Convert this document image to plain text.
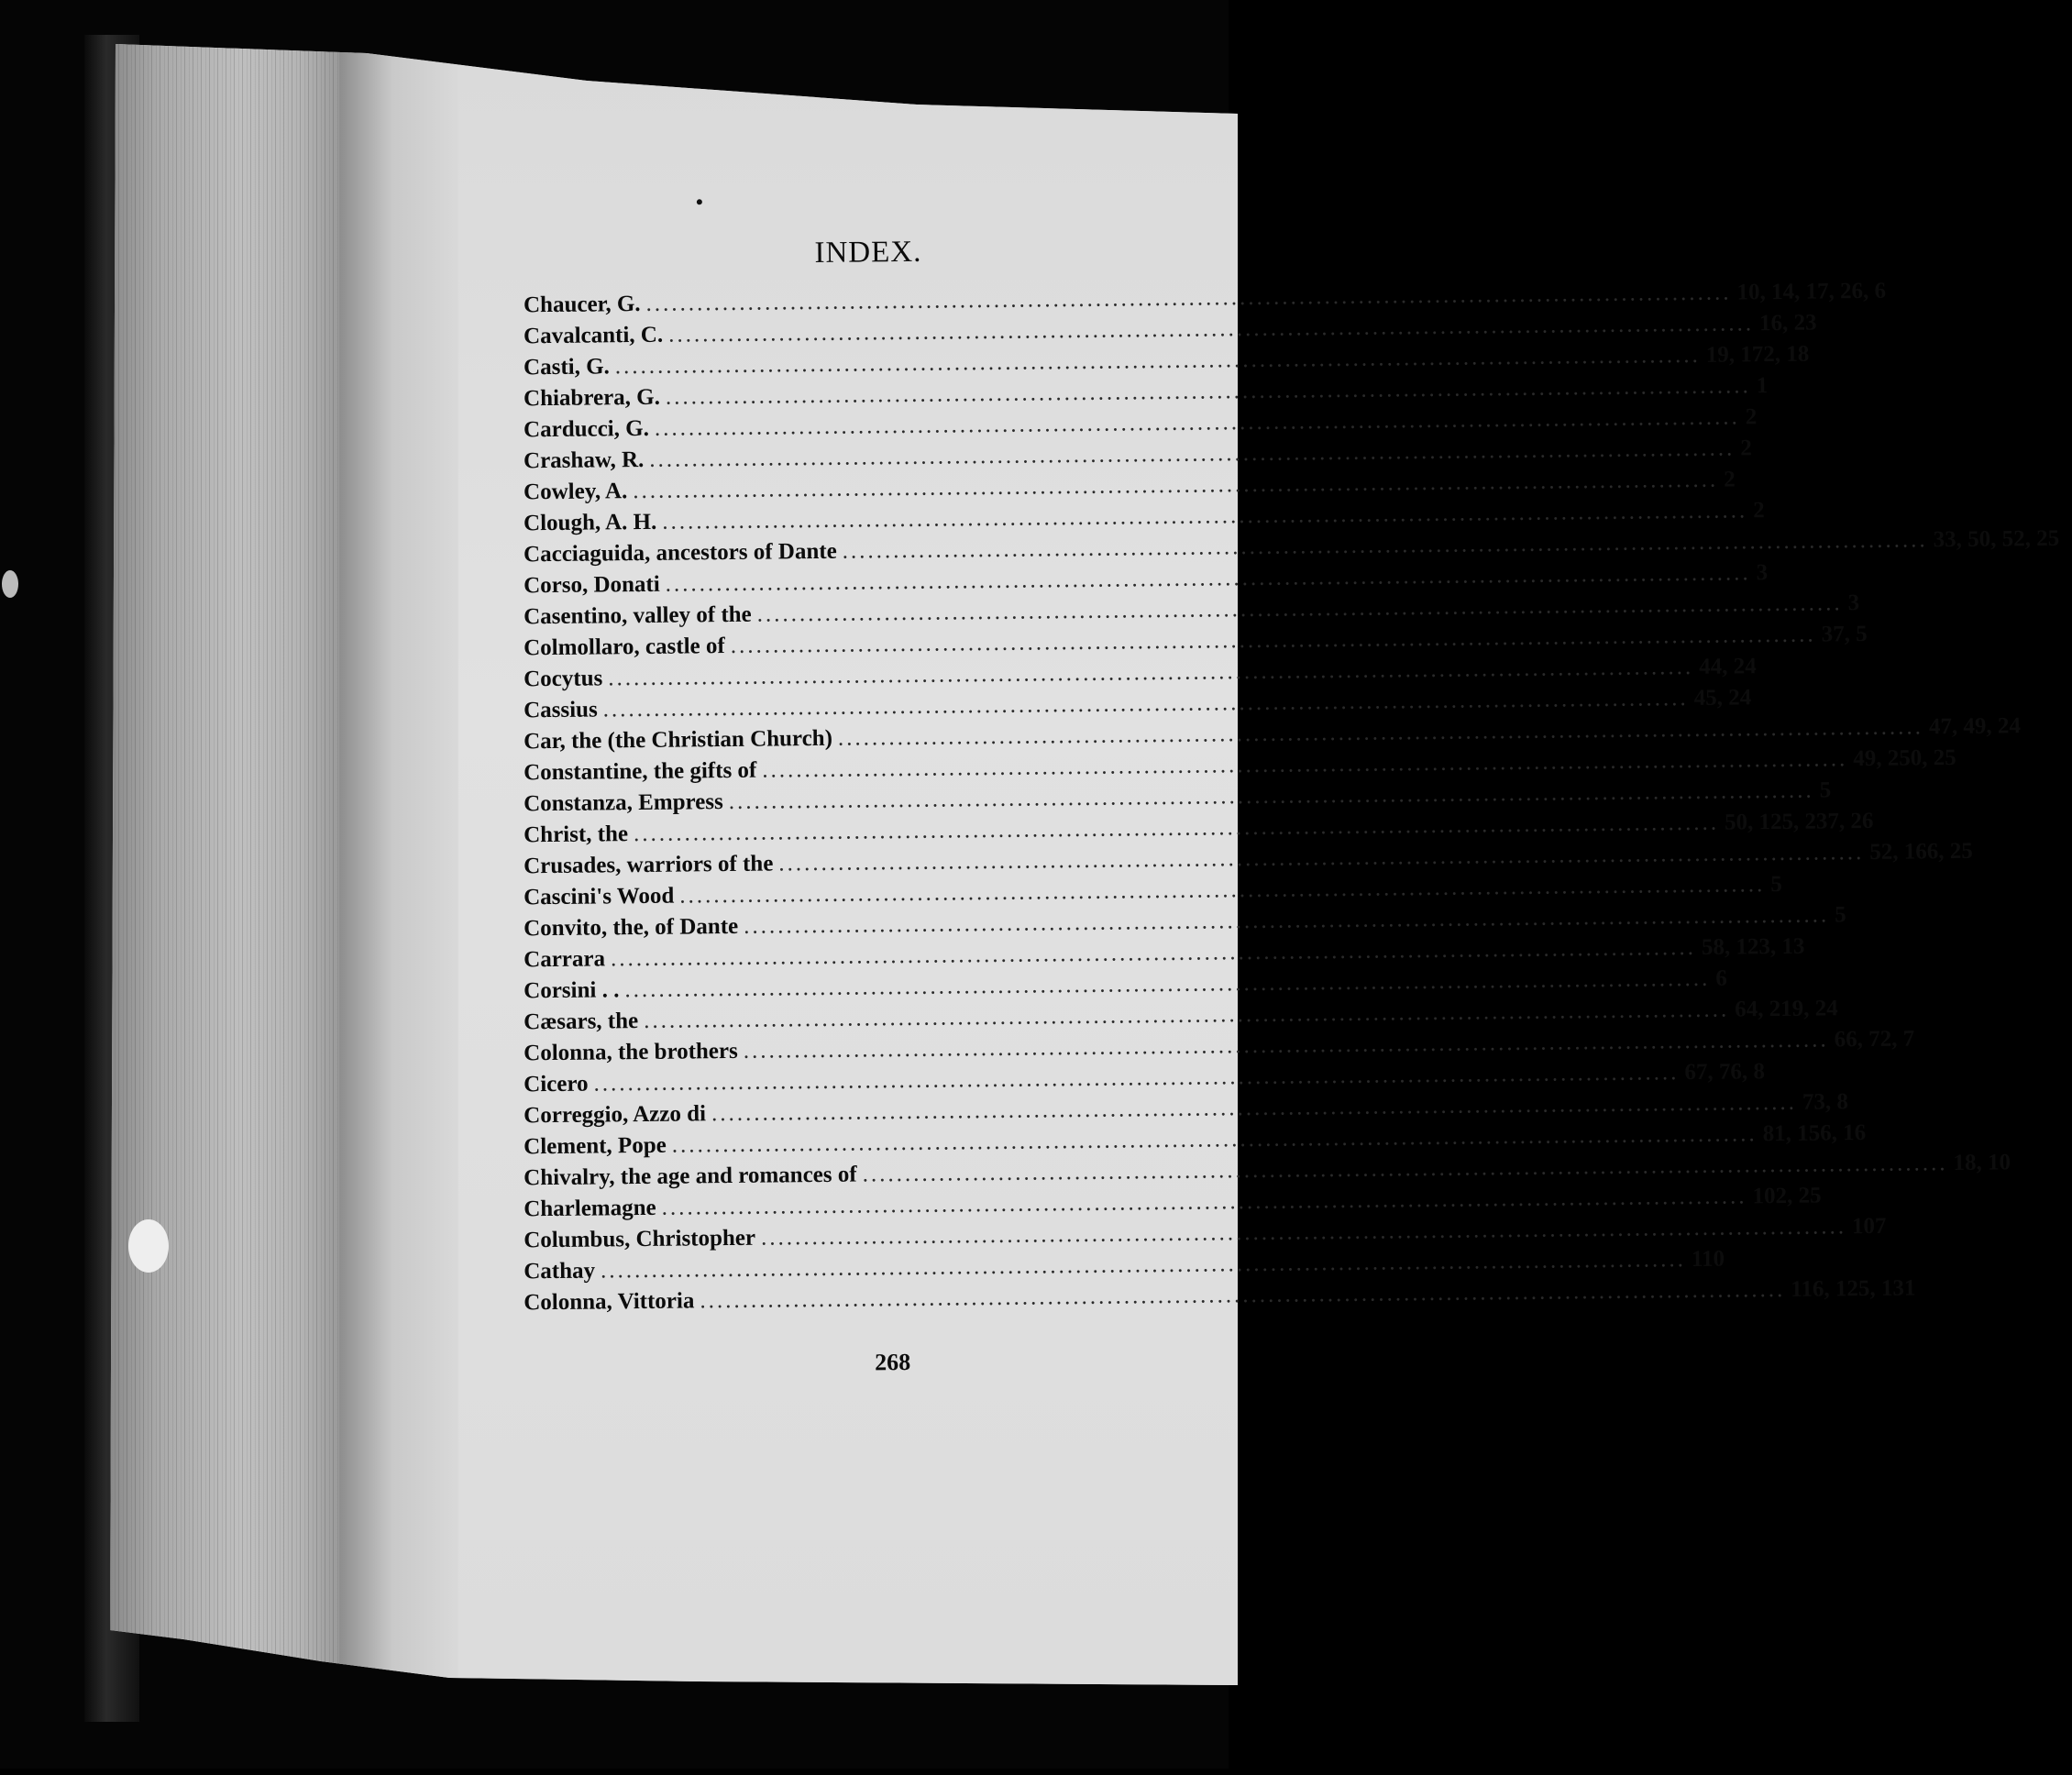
INDEX.
Chaucer, G. .....	10, 14, 17, 26, 6
Cavalcanti, C. .....	16, 23
Casti, G. .....	19, 172, 18
Chiabrera, G. .....	1
Carducci, G. .....	2
Crashaw, R. .....	2
Cowley, A. .....	2
Clough, A. H. .....	2
Cacciaguida, ancestors of Dante .....	33, 50, 52, 25
Corso, Donati .....	3
Casentino, valley of the .....	3
Colmollaro, castle of .....	37, 5
Cocytus .....	44, 24
Cassius .....	45, 24
Car, the (the Christian Church) .....	47, 49, 24
Constantine, the gifts of .....	49, 250, 25
Constanza, Empress .....	5
Christ, the .....	50, 125, 237, 26
Crusades, warriors of the .....	52, 166, 25
Cascini's Wood .....	5
Convito, the, of Dante .....	5
Carrara .....	58, 123, 13
Corsini . . .....	6
Cæsars, the .....	64, 219, 24
Colonna, the brothers .....	66, 72, 7
Cicero .....	67, 76, 8
Correggio, Azzo di .....	73, 8
Clement, Pope .....	81, 156, 16
Chivalry, the age and romances of .....	18, 10
Charlemagne .....	102, 25
Columbus, Christopher .....	107
Cathay .....	110
Colonna, Vittoria .....	116, 125, 131
268
